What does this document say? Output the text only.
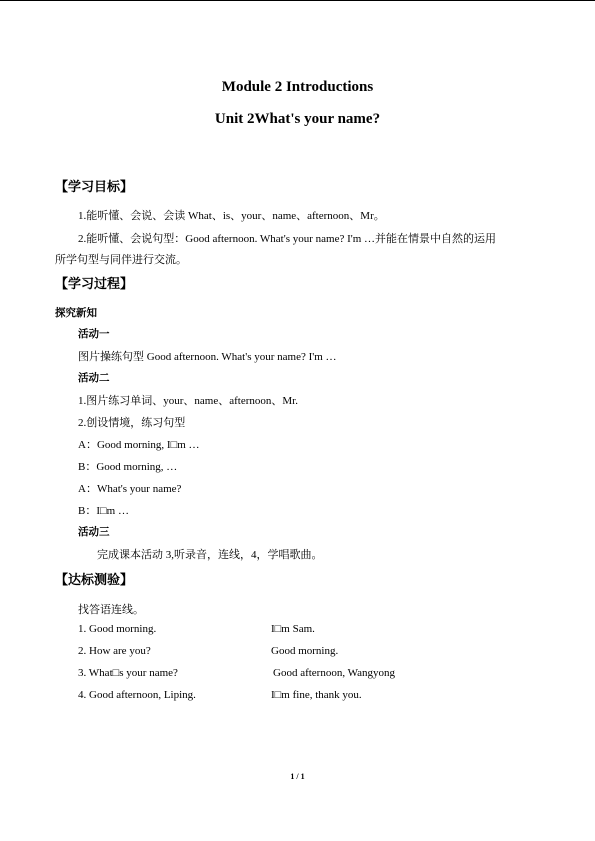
Module 2 Introductions
Unit 2What's your name?
【学习目标】
1.能听懂、会说、会读 What、is、your、name、afternoon、Mr。
2.能听懂、会说句型：Good afternoon. What's your name? I'm …并能在情景中自然的运用
所学句型与同伴进行交流。
【学习过程】
探究新知
活动一
图片操练句型 Good afternoon. What's your name? I'm …
活动二
1.图片练习单词、your、name、afternoon、Mr.
2.创设情境，练习句型
A：Good morning, I□m …
B：Good morning, …
A：What's your name?
B：I□m …
活动三
完成课本活动 3,听录音，连线，4，学唱歌曲。
【达标测验】
找答语连线。
1. Good morning.
2. How are you?
3. What□s your name?
4. Good afternoon, Liping.
I□m Sam.
Good morning.
Good afternoon, Wangyong
I□m fine, thank you.
1 / 1
